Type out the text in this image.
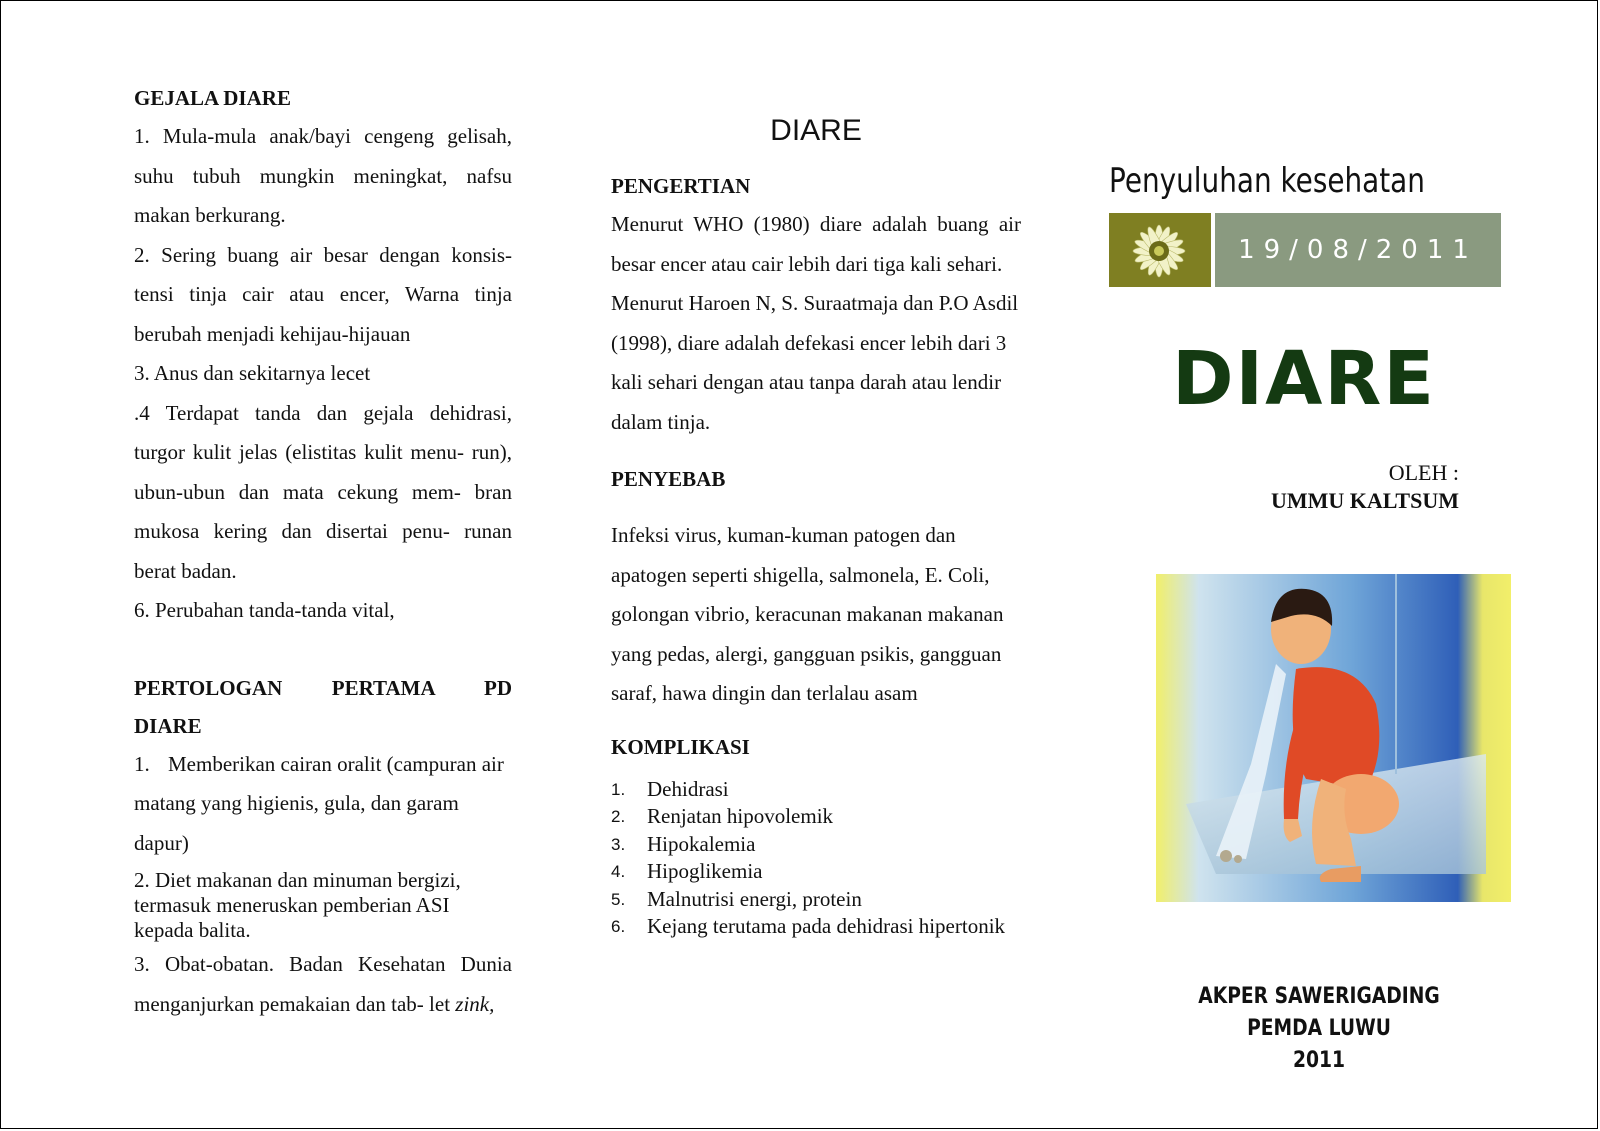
GEJALA DIARE

1. Mula-mula anak/bayi cengeng gelisah, suhu tubuh mungkin meningkat, nafsu makan berkurang.

2. Sering buang air besar dengan konsis- tensi tinja cair atau encer, Warna tinja berubah menjadi kehijau-hijauan

3. Anus dan sekitarnya lecet

.4 Terdapat tanda dan gejala dehidrasi, turgor kulit jelas (elistitas kulit menu- run), ubun-ubun dan mata cekung mem- bran mukosa kering dan disertai penu- runan berat badan.

6. Perubahan tanda-tanda vital,

PERTOLOGAN PERTAMA PD DIARE

1. Memberikan cairan oralit (campuran air matang yang higienis, gula, dan garam dapur)

2. Diet makanan dan minuman bergizi, termasuk meneruskan pemberian ASI kepada balita.

3. Obat-obatan. Badan Kesehatan Dunia menganjurkan pemakaian dan tab- let zink,

DIARE

PENGERTIAN

Menurut WHO (1980) diare adalah buang air besar encer atau cair lebih dari tiga kali sehari.

Menurut Haroen N, S. Suraatmaja dan P.O Asdil (1998), diare adalah defekasi encer lebih dari 3 kali sehari dengan atau tanpa darah atau lendir dalam tinja.

PENYEBAB

Infeksi virus, kuman-kuman patogen dan apatogen seperti shigella, salmonela, E. Coli, golongan vibrio, keracunan makanan makanan yang pedas, alergi, gangguan psikis, gangguan saraf, hawa dingin dan terlalau asam

KOMPLIKASI

1.	Dehidrasi
2.	Renjatan hipovolemik
3.	Hipokalemia
4.	Hipoglikemia
5.	Malnutrisi energi, protein
6.	Kejang terutama pada dehidrasi hipertonik
Penyuluhan kesehatan
19/08/2011

DIARE

OLEH :
UMMU KALTSUM
AKPER SAWERIGADING PEMDA LUWU
2011
